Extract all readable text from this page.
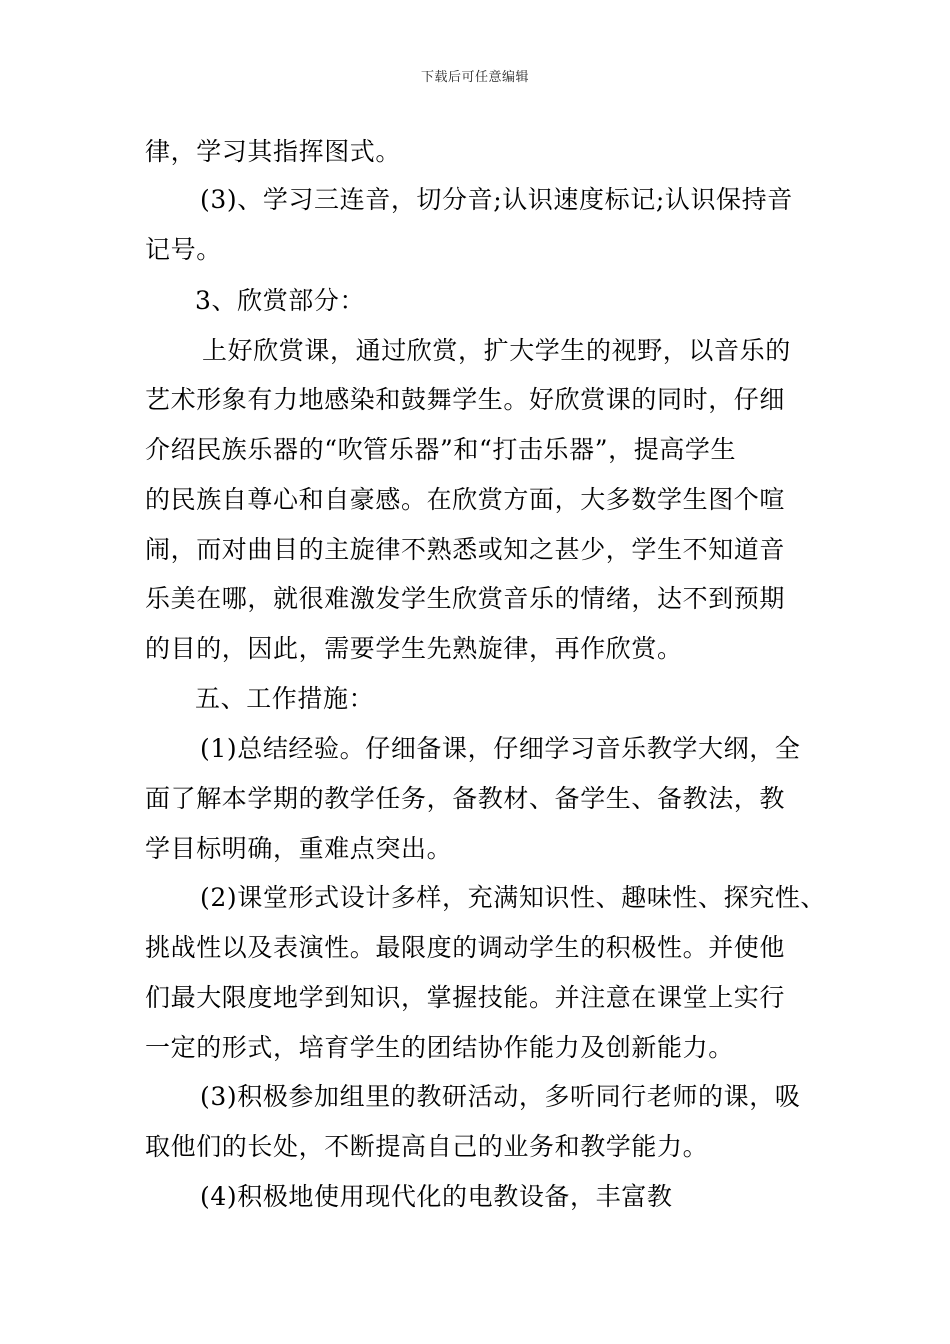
下载后可任意编辑
律，学习其指挥图式。
(3)、学习三连音，切分音;认识速度标记;认识保持音
记号。
3、欣赏部分：
上好欣赏课，通过欣赏，扩大学生的视野，以音乐的
艺术形象有力地感染和鼓舞学生。好欣赏课的同时，仔细
介绍民族乐器的“吹管乐器”和“打击乐器”，提高学生
的民族自尊心和自豪感。在欣赏方面，大多数学生图个喧
闹，而对曲目的主旋律不熟悉或知之甚少，学生不知道音
乐美在哪，就很难激发学生欣赏音乐的情绪，达不到预期
的目的，因此，需要学生先熟旋律，再作欣赏。
五、工作措施：
(1)总结经验。仔细备课，仔细学习音乐教学大纲，全
面了解本学期的教学任务，备教材、备学生、备教法，教
学目标明确，重难点突出。
(2)课堂形式设计多样，充满知识性、趣味性、探究性、
挑战性以及表演性。最限度的调动学生的积极性。并使他
们最大限度地学到知识，掌握技能。并注意在课堂上实行
一定的形式，培育学生的团结协作能力及创新能力。
(3)积极参加组里的教研活动，多听同行老师的课，吸
取他们的长处，不断提高自己的业务和教学能力。
(4)积极地使用现代化的电教设备，丰富教
